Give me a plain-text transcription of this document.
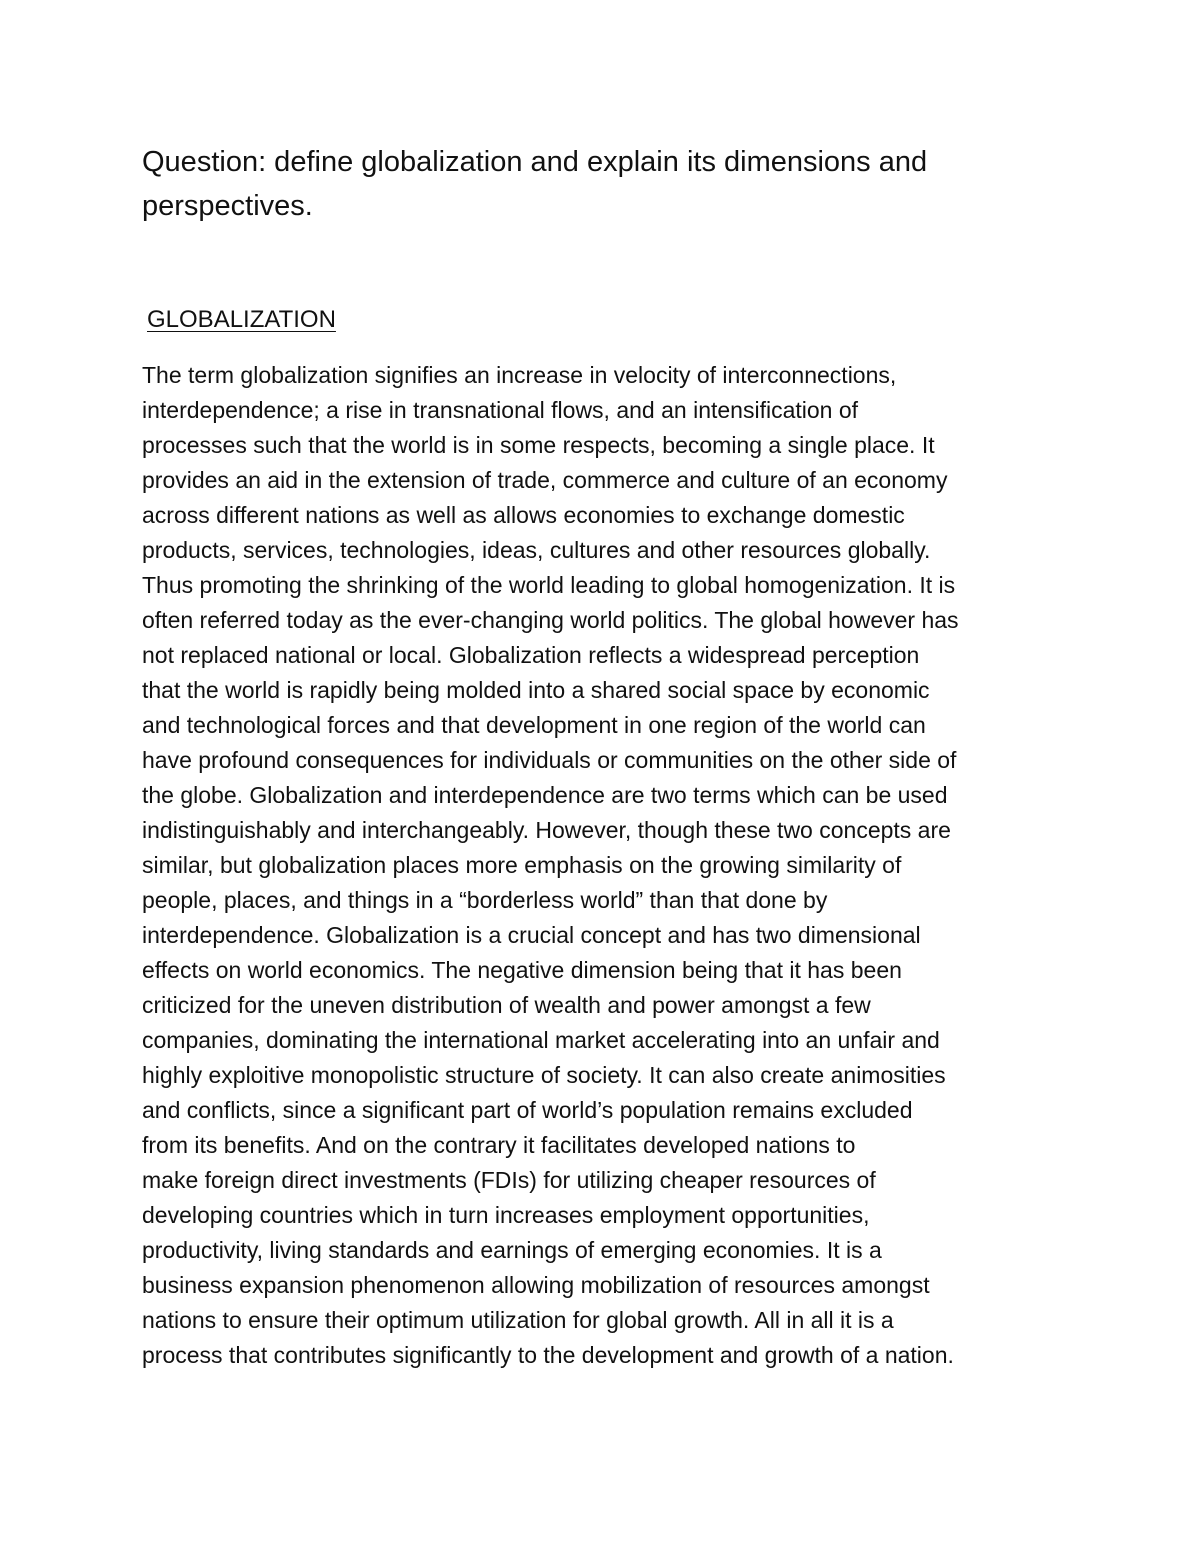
Question: define globalization and explain its dimensions and perspectives.

GLOBALIZATION
The term globalization signifies an increase in velocity of interconnections,
interdependence; a rise in transnational flows, and an intensification of
processes such that the world is in some respects, becoming a single place. It
provides an aid in the extension of trade, commerce and culture of an economy
across different nations as well as allows economies to exchange domestic
products, services, technologies, ideas, cultures and other resources globally.
Thus promoting the shrinking of the world leading to global homogenization. It is
often referred today as the ever-changing world politics. The global however has
not replaced national or local. Globalization reflects a widespread perception
that the world is rapidly being molded into a shared social space by economic
and technological forces and that development in one region of the world can
have profound consequences for individuals or communities on the other side of
the globe. Globalization and interdependence are two terms which can be used
indistinguishably and interchangeably. However, though these two concepts are
similar, but globalization places more emphasis on the growing similarity of
people, places, and things in a “borderless world” than that done by
interdependence. Globalization is a crucial concept and has two dimensional
effects on world economics. The negative dimension being that it has been
criticized for the uneven distribution of wealth and power amongst a few
companies, dominating the international market accelerating into an unfair and
highly exploitive monopolistic structure of society. It can also create animosities
and conflicts, since a significant part of world’s population remains excluded
from its benefits. And on the contrary it facilitates developed nations to
make foreign direct investments (FDIs) for utilizing cheaper resources of
developing countries which in turn increases employment opportunities,
productivity, living standards and earnings of emerging economies. It is a
business expansion phenomenon allowing mobilization of resources amongst
nations to ensure their optimum utilization for global growth. All in all it is a
process that contributes significantly to the development and growth of a nation.
